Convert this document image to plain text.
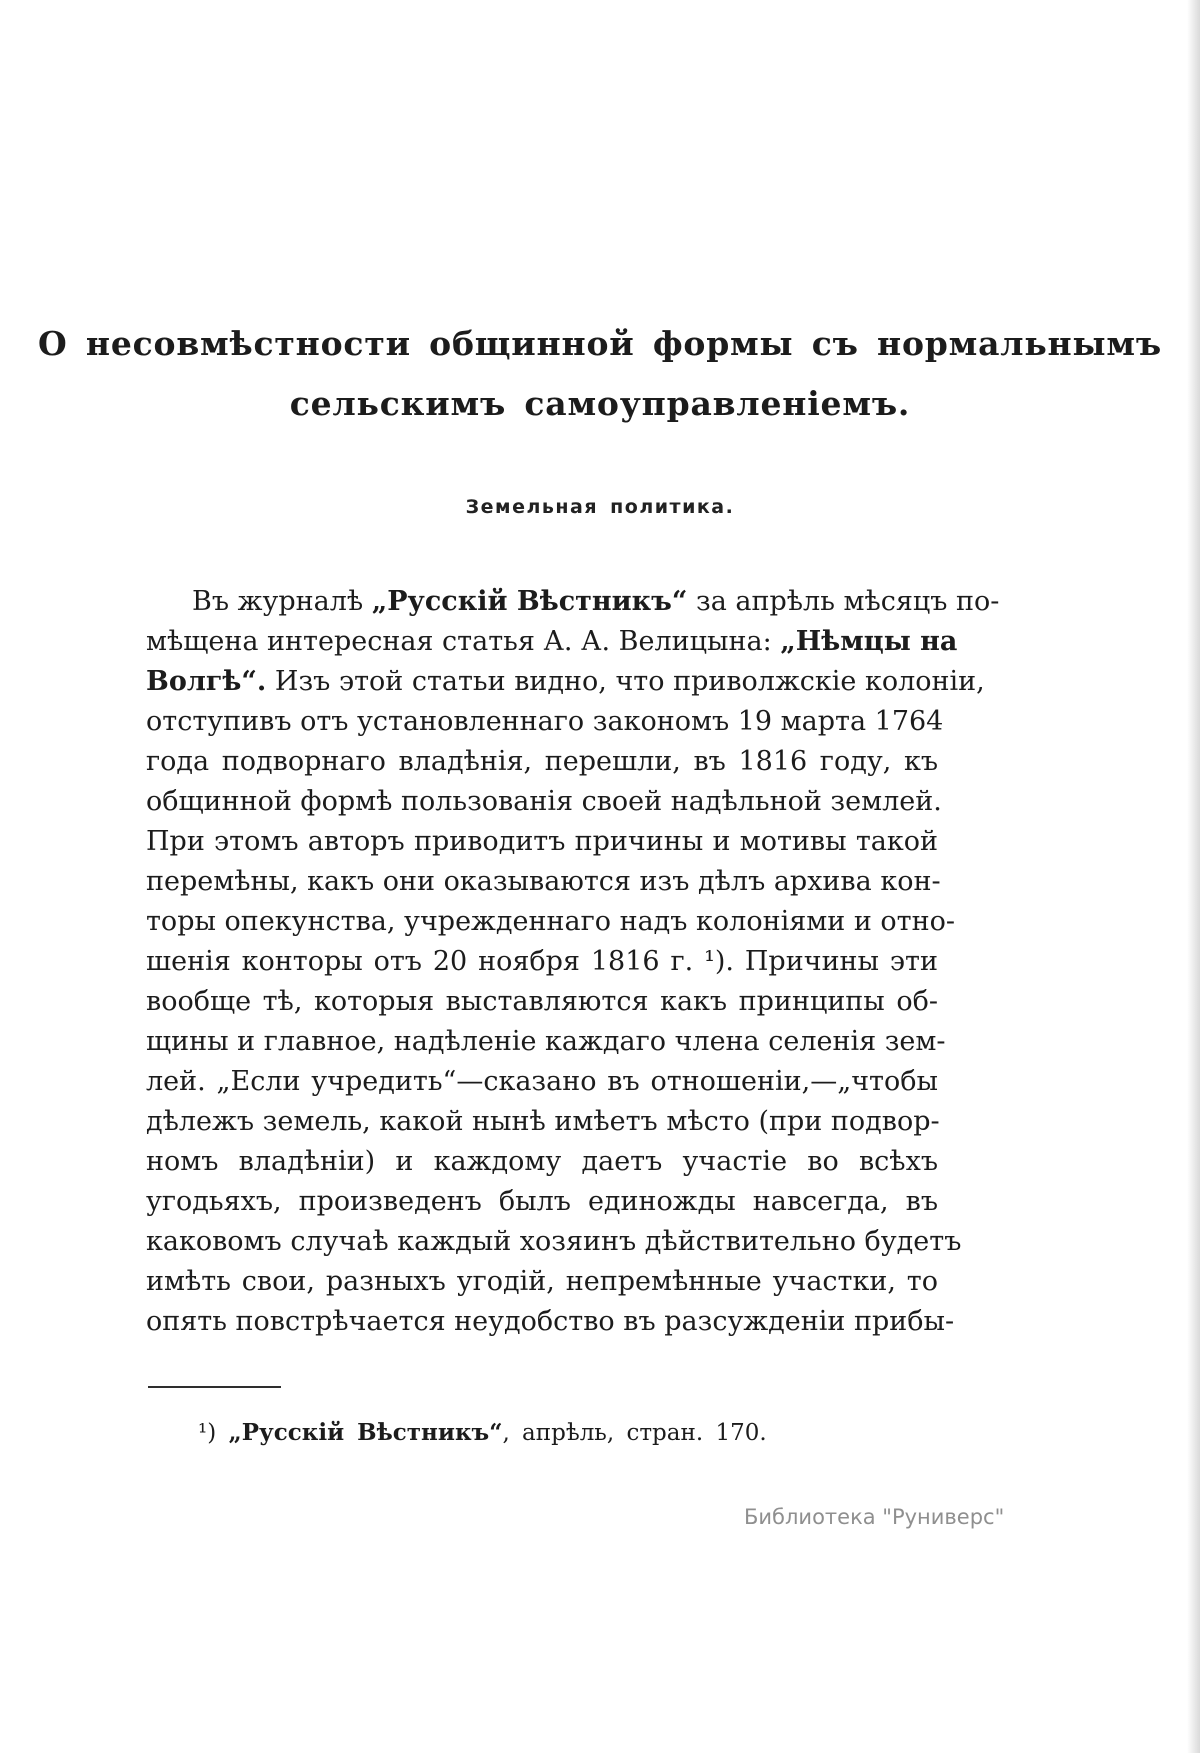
О несовмѣстности общинной формы съ нормальнымъ
сельскимъ самоуправленіемъ.
Земельная политика.
Въ журналѣ „Русскій Вѣстникъ“ за апрѣль мѣсяцъ по-
мѣщена интересная статья А. А. Велицына: „Нѣмцы на
Волгѣ“. Изъ этой статьи видно, что приволжскіе колоніи,
отступивъ отъ установленнаго закономъ 19 марта 1764
года подворнаго владѣнія, перешли, въ 1816 году, къ
общинной формѣ пользованія своей надѣльной землей.
При этомъ авторъ приводитъ причины и мотивы такой
перемѣны, какъ они оказываются изъ дѣлъ архива кон-
торы опекунства, учрежденнаго надъ колоніями и отно-
шенія конторы отъ 20 ноября 1816 г. ¹). Причины эти
вообще тѣ, которыя выставляются какъ принципы об-
щины и главное, надѣленіе каждаго члена селенія зем-
лей. „Если учредить“—сказано въ отношеніи,—„чтобы
дѣлежъ земель, какой нынѣ имѣетъ мѣсто (при подвор-
номъ владѣніи) и каждому даетъ участіе во всѣхъ
угодьяхъ, произведенъ былъ единожды навсегда, въ
каковомъ случаѣ каждый хозяинъ дѣйствительно будетъ
имѣть свои, разныхъ угодій, непремѣнные участки, то
опять повстрѣчается неудобство въ разсужденіи прибы-
¹) „Русскій Вѣстникъ“, апрѣль, стран. 170.
Библиотека "Руниверс"
